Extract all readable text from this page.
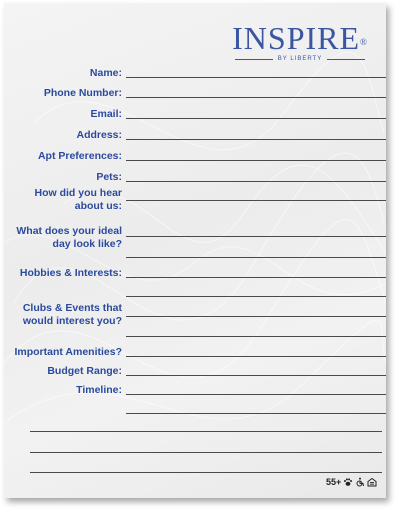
INSPIRE®
BY LIBERTY
Name:
Phone Number:
Email:
Address:
Apt Preferences:
Pets:
How did you hear
about us:
What does your ideal
day look like?
Hobbies & Interests:
Clubs & Events that
would interest you?
Important Amenities?
Budget Range:
Timeline:
55+
